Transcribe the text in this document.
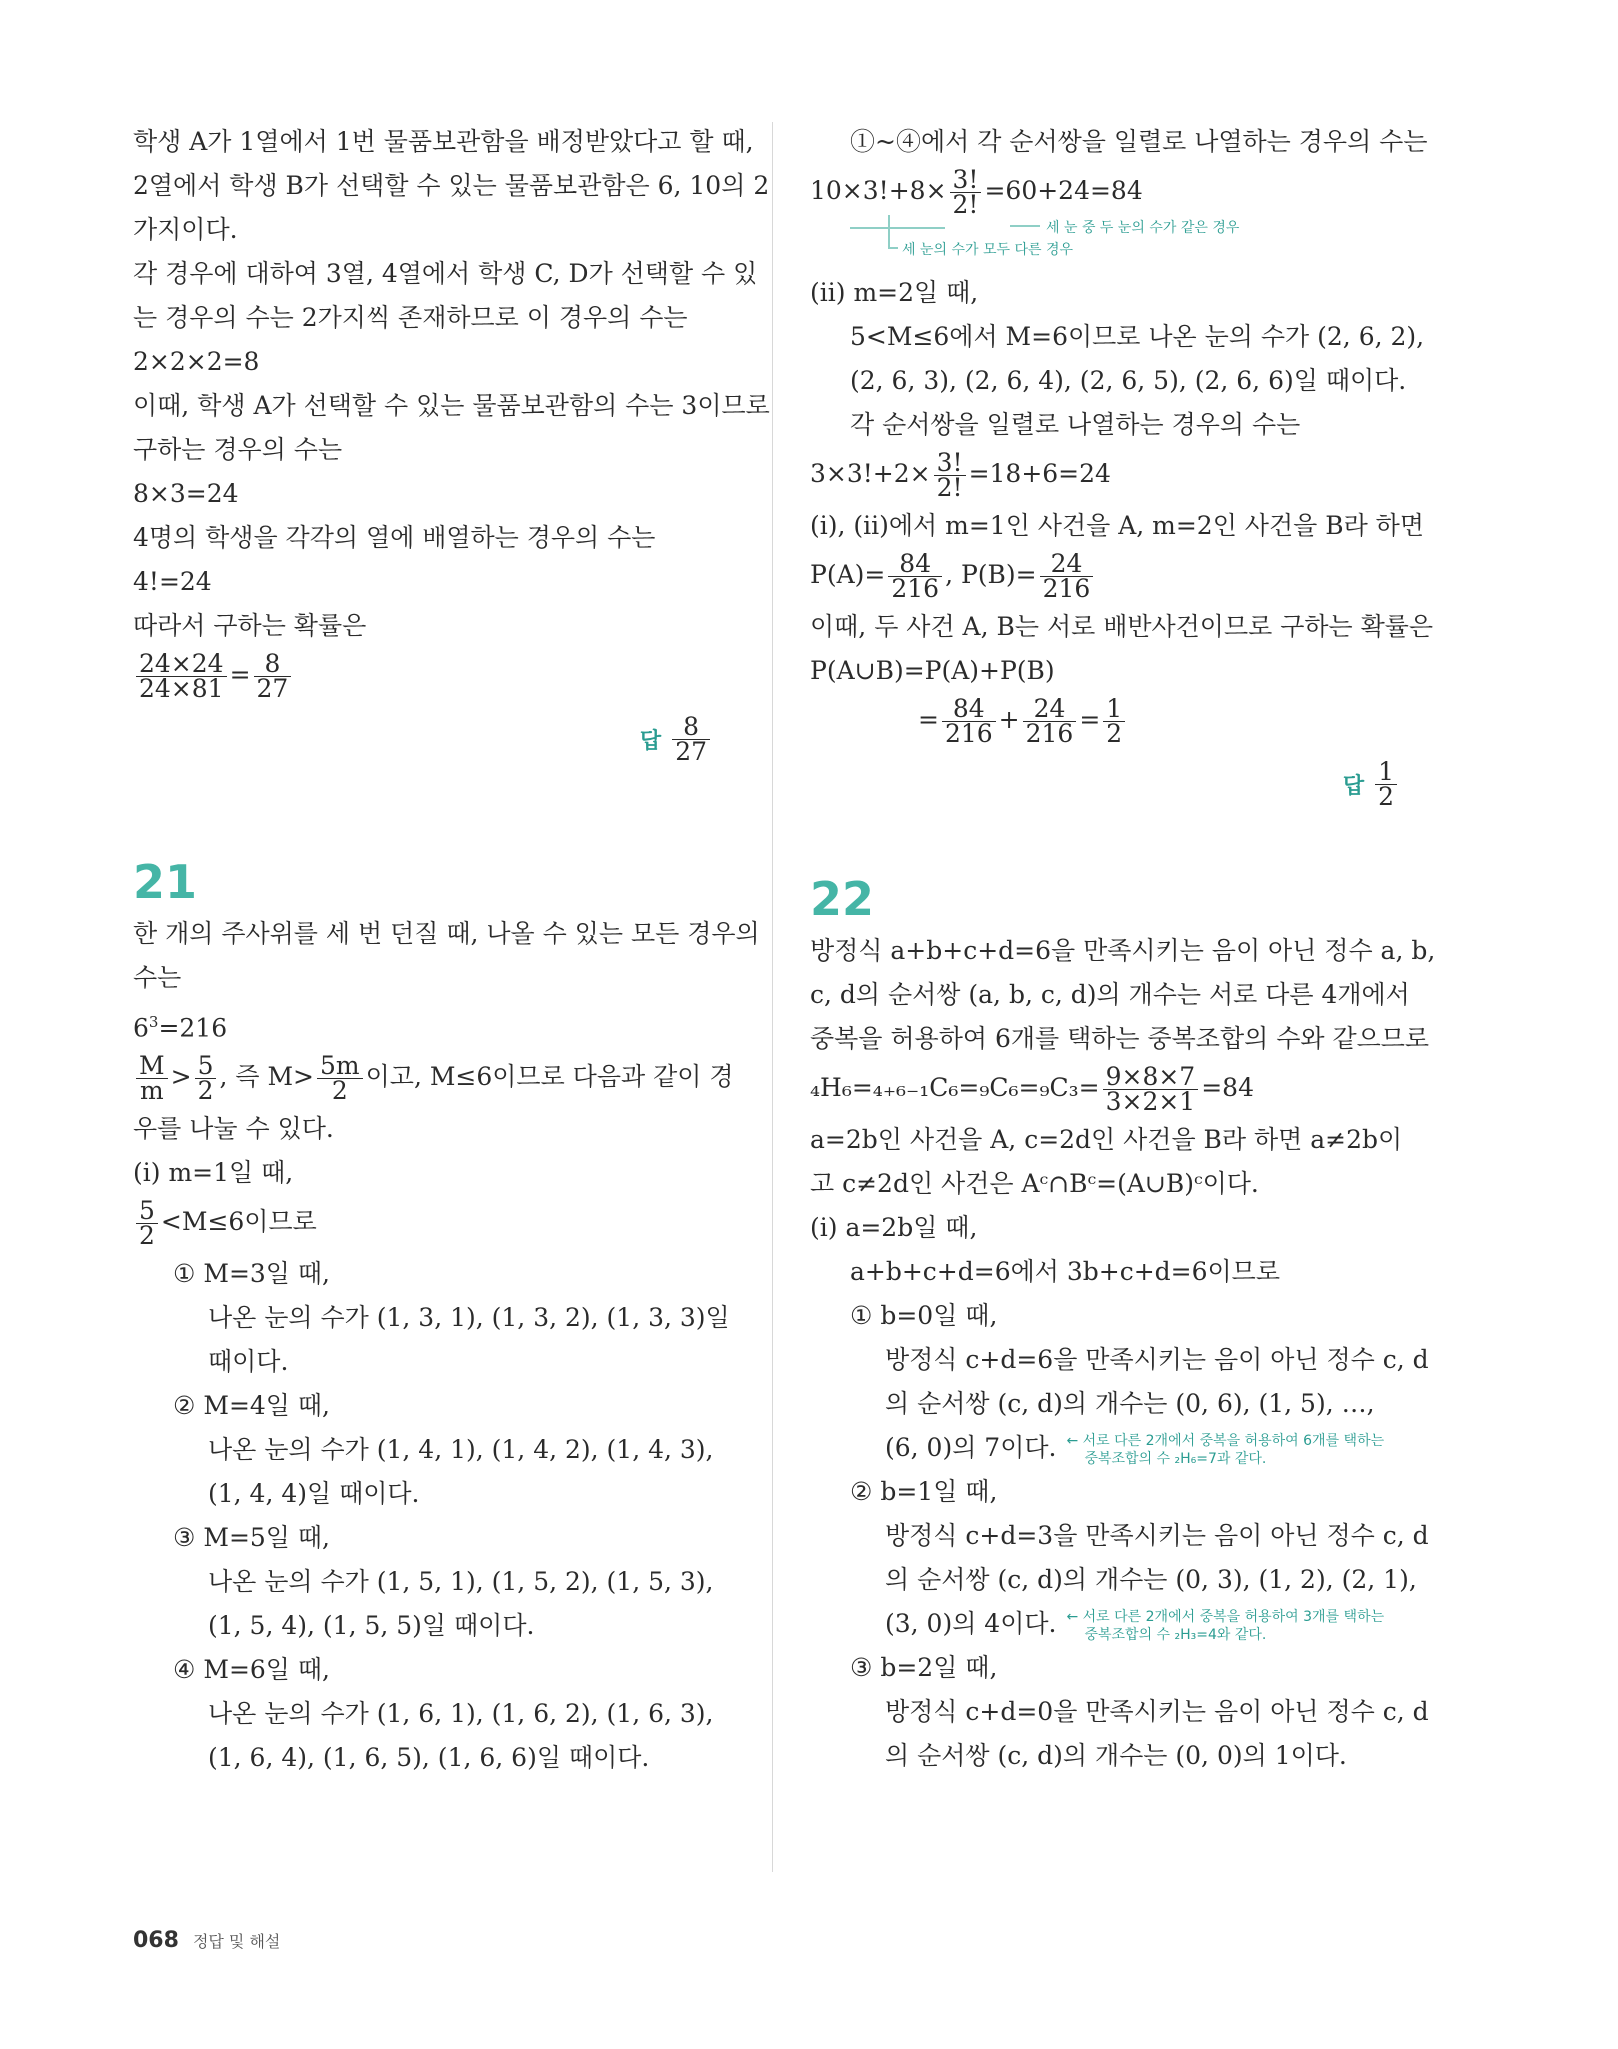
학생 A가 1열에서 1번 물품보관함을 배정받았다고 할 때,
2열에서 학생 B가 선택할 수 있는 물품보관함은 6, 10의 2
가지이다.
각 경우에 대하여 3열, 4열에서 학생 C, D가 선택할 수 있
는 경우의 수는 2가지씩 존재하므로 이 경우의 수는
2×2×2=8
이때, 학생 A가 선택할 수 있는 물품보관함의 수는 3이므로
구하는 경우의 수는
8×3=24
4명의 학생을 각각의 열에 배열하는 경우의 수는
4!=24
따라서 구하는 확률은
$\frac{24\times 24}{24\times 81} = \frac{8}{27}$
답 $\frac{8}{27}$
21
한 개의 주사위를 세 번 던질 때, 나올 수 있는 모든 경우의
수는
$6^3=216$
$\frac{M}{m} > \frac{5}{2}$ , 즉 $M> \frac{5m}{2}$ 이고, M≤6이므로 다음과 같이 경
우를 나눌 수 있다.
(i) m=1일 때,
$\frac{5}{2} <M\le 6$이므로
① M=3일 때,
나온 눈의 수가 (1, 3, 1), (1, 3, 2), (1, 3, 3)일
때이다.
② M=4일 때,
나온 눈의 수가 (1, 4, 1), (1, 4, 2), (1, 4, 3),
(1, 4, 4)일 때이다.
③ M=5일 때,
나온 눈의 수가 (1, 5, 1), (1, 5, 2), (1, 5, 3),
(1, 5, 4), (1, 5, 5)일 때이다.
④ M=6일 때,
나온 눈의 수가 (1, 6, 1), (1, 6, 2), (1, 6, 3),
(1, 6, 4), (1, 6, 5), (1, 6, 6)일 때이다.
①~④에서 각 순서쌍을 일렬로 나열하는 경우의 수는
$10\times 3!+8\times \frac{3!}{2!} =60+24=84$
세 눈의 수가 모두 다른 경우
세 눈 중 두 눈의 수가 같은 경우
(ii) m=2일 때,
5<M≤6에서 M=6이므로 나온 눈의 수가 (2, 6, 2),
(2, 6, 3), (2, 6, 4), (2, 6, 5), (2, 6, 6)일 때이다.
각 순서쌍을 일렬로 나열하는 경우의 수는
$3\times 3!+2\times \frac{3!}{2!} =18+6=24$
(i), (ii)에서 m=1인 사건을 A, m=2인 사건을 B라 하면
$P(A)= \frac{84}{216}$ , $P(B)= \frac{24}{216}$
이때, 두 사건 A, B는 서로 배반사건이므로 구하는 확률은
P(A∪B)=P(A)+P(B)
= $\frac{84}{216} + \frac{24}{216} = \frac{1}{2}$
답 $\frac{1}{2}$
22
방정식 a+b+c+d=6을 만족시키는 음이 아닌 정수 a, b,
c, d의 순서쌍 (a, b, c, d)의 개수는 서로 다른 4개에서
중복을 허용하여 6개를 택하는 중복조합의 수와 같으므로
$_4H_6=_{4+6-1}C_6=_9C_6=_9C_3= \frac{9\times 8\times 7}{3\times 2\times 1} =84$
a=2b인 사건을 A, c=2d인 사건을 B라 하면 a≠2b이
고 c≠2d인 사건은 Aᶜ∩Bᶜ=(A∪B)ᶜ이다.
(i) a=2b일 때,
a+b+c+d=6에서 3b+c+d=6이므로
① b=0일 때,
방정식 c+d=6을 만족시키는 음이 아닌 정수 c, d
의 순서쌍 (c, d)의 개수는 (0, 6), (1, 5), …,
(6, 0)의 7이다. ← 서로 다른 2개에서 중복을 허용하여 6개를 택하는
중복조합의 수 ₂H₆=7과 같다.
② b=1일 때,
방정식 c+d=3을 만족시키는 음이 아닌 정수 c, d
의 순서쌍 (c, d)의 개수는 (0, 3), (1, 2), (2, 1),
(3, 0)의 4이다. ← 서로 다른 2개에서 중복을 허용하여 3개를 택하는
중복조합의 수 ₂H₃=4와 같다.
③ b=2일 때,
방정식 c+d=0을 만족시키는 음이 아닌 정수 c, d
의 순서쌍 (c, d)의 개수는 (0, 0)의 1이다.
068 정답 및 해설
